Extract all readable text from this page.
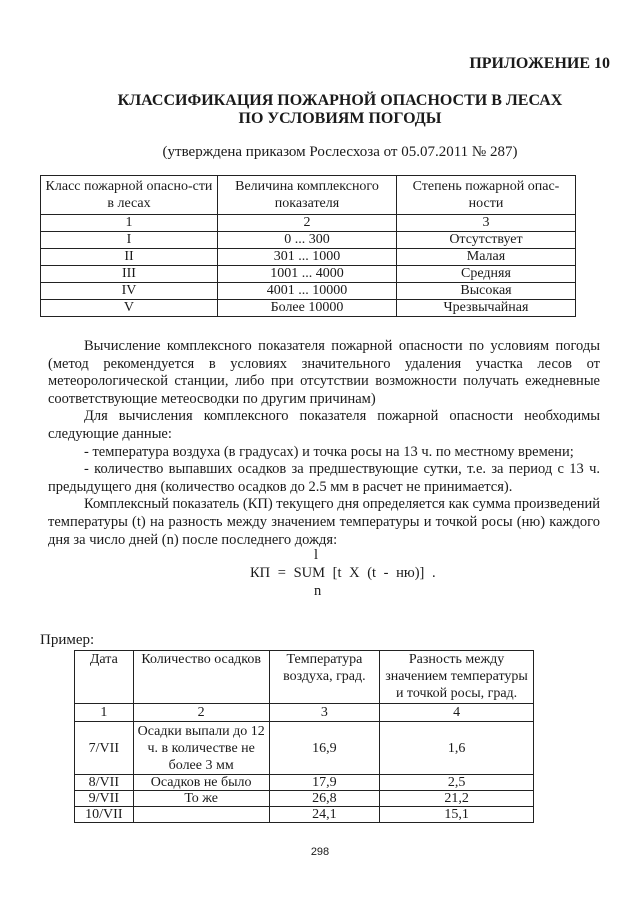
ПРИЛОЖЕНИЕ 10
КЛАССИФИКАЦИЯ ПОЖАРНОЙ ОПАСНОСТИ В ЛЕСАХ
ПО УСЛОВИЯМ ПОГОДЫ
(утверждена приказом Рослесхоза от 05.07.2011 № 287)
Класс пожарной опасно-сти в лесах	Величина комплексного показателя	Степень пожарной опас-ности
1	2	3
I	0 ... 300	Отсутствует
II	301 ... 1000	Малая
III	1001 ... 4000	Средняя
IV	4001 ... 10000	Высокая
V	Более 10000	Чрезвычайная

Вычисление комплексного показателя пожарной опасности по условиям погоды (метод рекомендуется в условиях значительного удаления участка лесов от метеорологической станции, либо при отсутствии возможности получать ежедневные соответствующие метеосводки по другим причинам)

Для вычисления комплексного показателя пожарной опасности необходимы следующие данные:

- температура воздуха (в градусах) и точка росы на 13 ч. по местному времени;

- количество выпавших осадков за предшествующие сутки, т.е. за период с 13 ч. предыдущего дня (количество осадков до 2.5 мм в расчет не принимается).

Комплексный показатель (КП) текущего дня определяется как сумма произведений температуры (t) на разность между значением температуры и точкой росы (ню) каждого дня за число дней (n) после последнего дождя:

l
КП = SUM [t X (t - ню)] .
n
Пример:
Дата	Количество осадков	Температура воздуха, град.	Разность между значением температуры и точкой росы, град.
1	2	3	4
7/VII	Осадки выпали до 12 ч. в количестве не более 3 мм	16,9	1,6
8/VII	Осадков не было	17,9	2,5
9/VII	То же	26,8	21,2
10/VII		24,1	15,1
298
